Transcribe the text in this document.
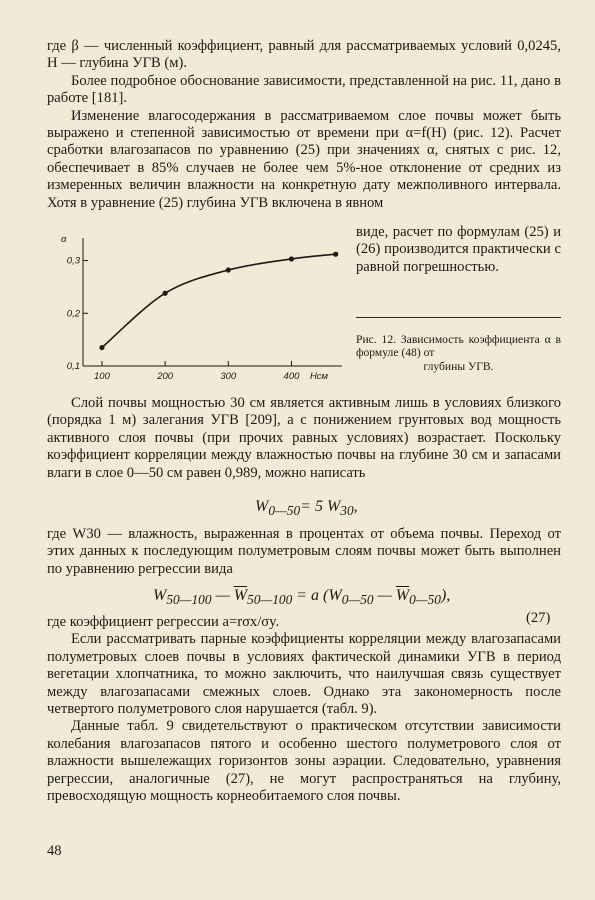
где β — численный коэффициент, равный для рассматриваемых условий 0,0245, H — глубина УГВ (м).

Более подробное обоснование зависимости, представленной на рис. 11, дано в работе [181].

Изменение влагосодержания в рассматриваемом слое почвы может быть выражено и степенной зависимостью от времени при α=f(H) (рис. 12). Расчет сработки влагозапасов по уравнению (25) при значениях α, снятых с рис. 12, обеспечивает в 85% случаев не более чем 5%-ное отклонение от средних из измеренных величин влажности на конкретную дату межполивного интервала. Хотя в уравнение (25) глубина УГВ включена в явном

100	200	300	400 Нсм
0,1
0,2
0,3
α	виде, расчет по формулам (25) и (26) производится практически с равной погрешностью.
Рис. 12. Зависимость коэффициента α в формуле (48) от
глубины УГВ.

Слой почвы мощностью 30 см является активным лишь в условиях близкого (порядка 1 м) залегания УГВ [209], а с понижением грунтовых вод мощность активного слоя почвы (при прочих равных условиях) возрастает. Поскольку коэффициент корреляции между влажностью почвы на глубине 30 см и запасами влаги в слое 0—50 см равен 0,989, можно написать

$W_{0—50}= 5$ $W_{30}$,

где W30 — влажность, выраженная в процентах от объема почвы. Переход от этих данных к последующим полуметровым слоям почвы может быть выполнен по уравнению регрессии вида

$W_{50—100}$ — $\overline{W}_{50—100} = a$ ($W_{0—50}$ — $\overline{W}_{0—50}$),
(27)

где коэффициент регрессии a=rσx/σy.

Если рассматривать парные коэффициенты корреляции между влагозапасами полуметровых слоев почвы в условиях фактической динамики УГВ в период вегетации хлопчатника, то можно заключить, что наилучшая связь существует между влагозапасами смежных слоев. Однако эта закономерность после четвертого полуметрового слоя нарушается (табл. 9).

Данные табл. 9 свидетельствуют о практическом отсутствии зависимости колебания влагозапасов пятого и особенно шестого полуметрового слоя от влажности вышележащих горизонтов зоны аэрации. Следовательно, уравнения регрессии, аналогичные (27), не могут распространяться на глубину, превосходящую мощность корнеобитаемого слоя почвы.

48
